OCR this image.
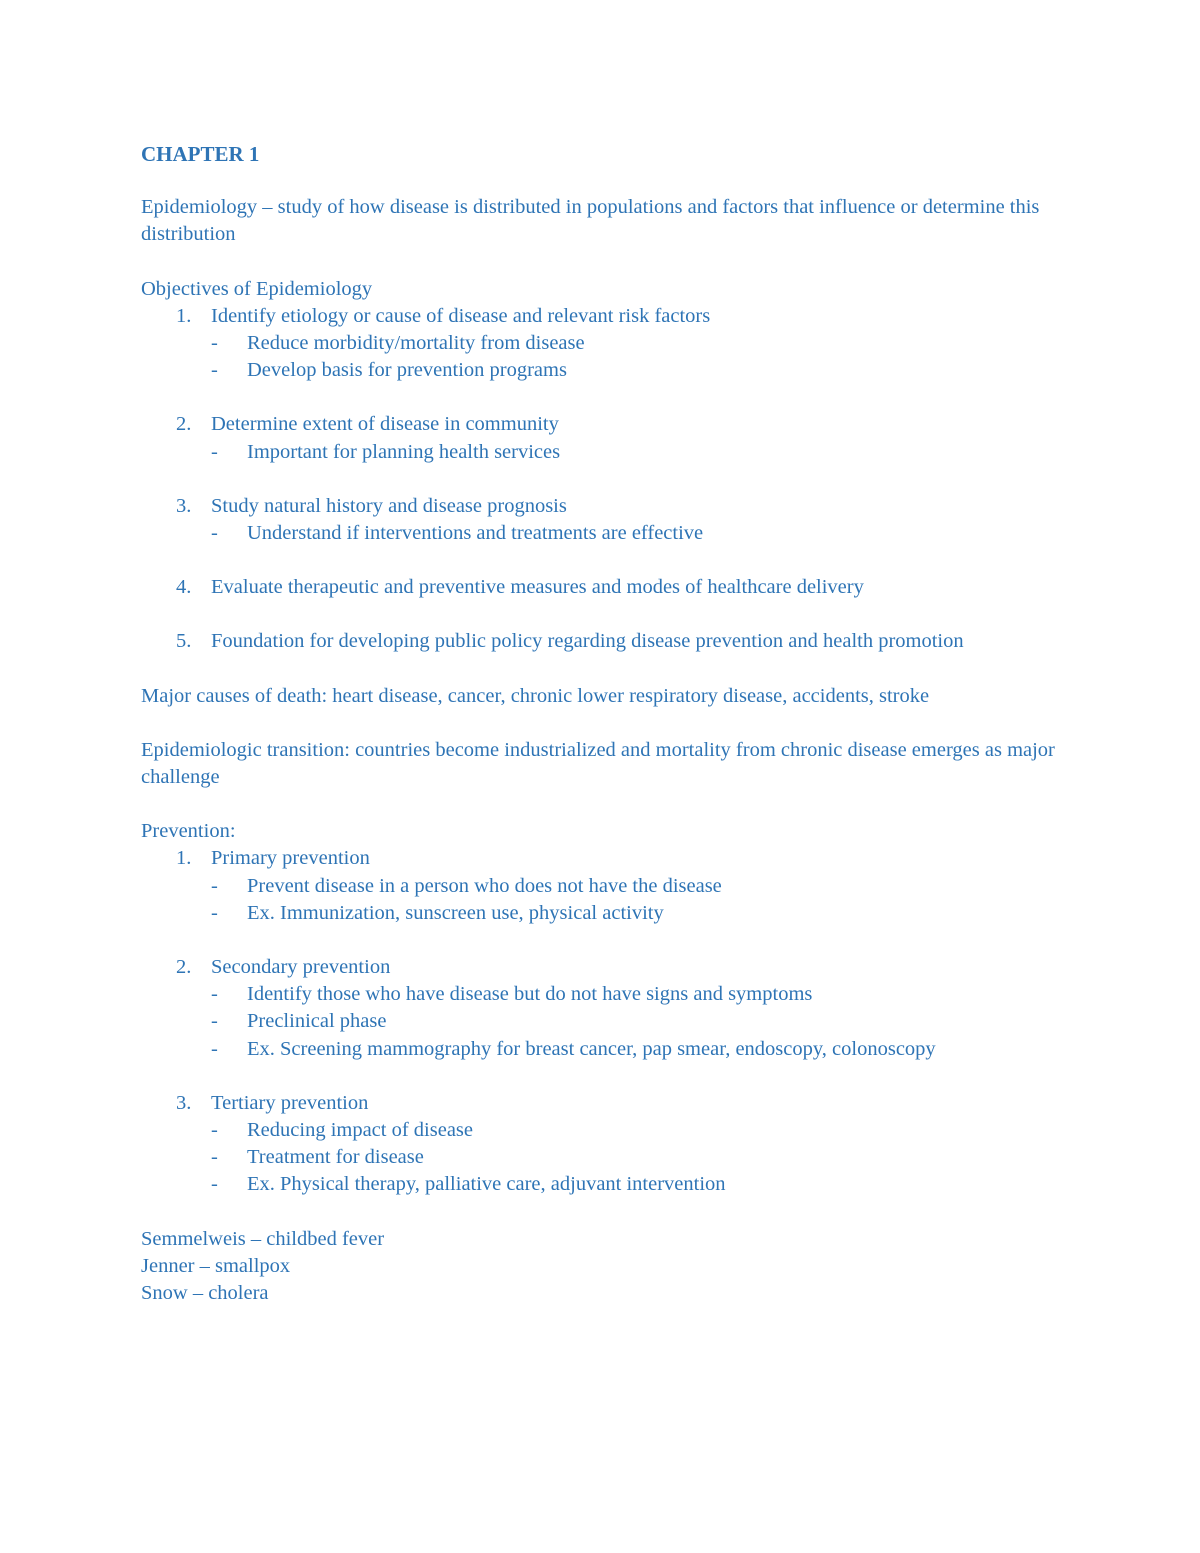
CHAPTER 1

Epidemiology – study of how disease is distributed in populations and factors that influence or determine this distribution

Objectives of Epidemiology

1. Identify etiology or cause of disease and relevant risk factors
-	Reduce morbidity/mortality from disease
-	Develop basis for prevention programs
2. Determine extent of disease in community
-	Important for planning health services
3. Study natural history and disease prognosis
-	Understand if interventions and treatments are effective
4. Evaluate therapeutic and preventive measures and modes of healthcare delivery
5. Foundation for developing public policy regarding disease prevention and health promotion

Major causes of death: heart disease, cancer, chronic lower respiratory disease, accidents, stroke

Epidemiologic transition: countries become industrialized and mortality from chronic disease emerges as major challenge

Prevention:

1. Primary prevention
-	Prevent disease in a person who does not have the disease
-	Ex. Immunization, sunscreen use, physical activity
2. Secondary prevention
-	Identify those who have disease but do not have signs and symptoms
-	Preclinical phase
-	Ex. Screening mammography for breast cancer, pap smear, endoscopy, colonoscopy
3. Tertiary prevention
-	Reducing impact of disease
-	Treatment for disease
-	Ex. Physical therapy, palliative care, adjuvant intervention

Semmelweis – childbed fever

Jenner – smallpox

Snow – cholera
